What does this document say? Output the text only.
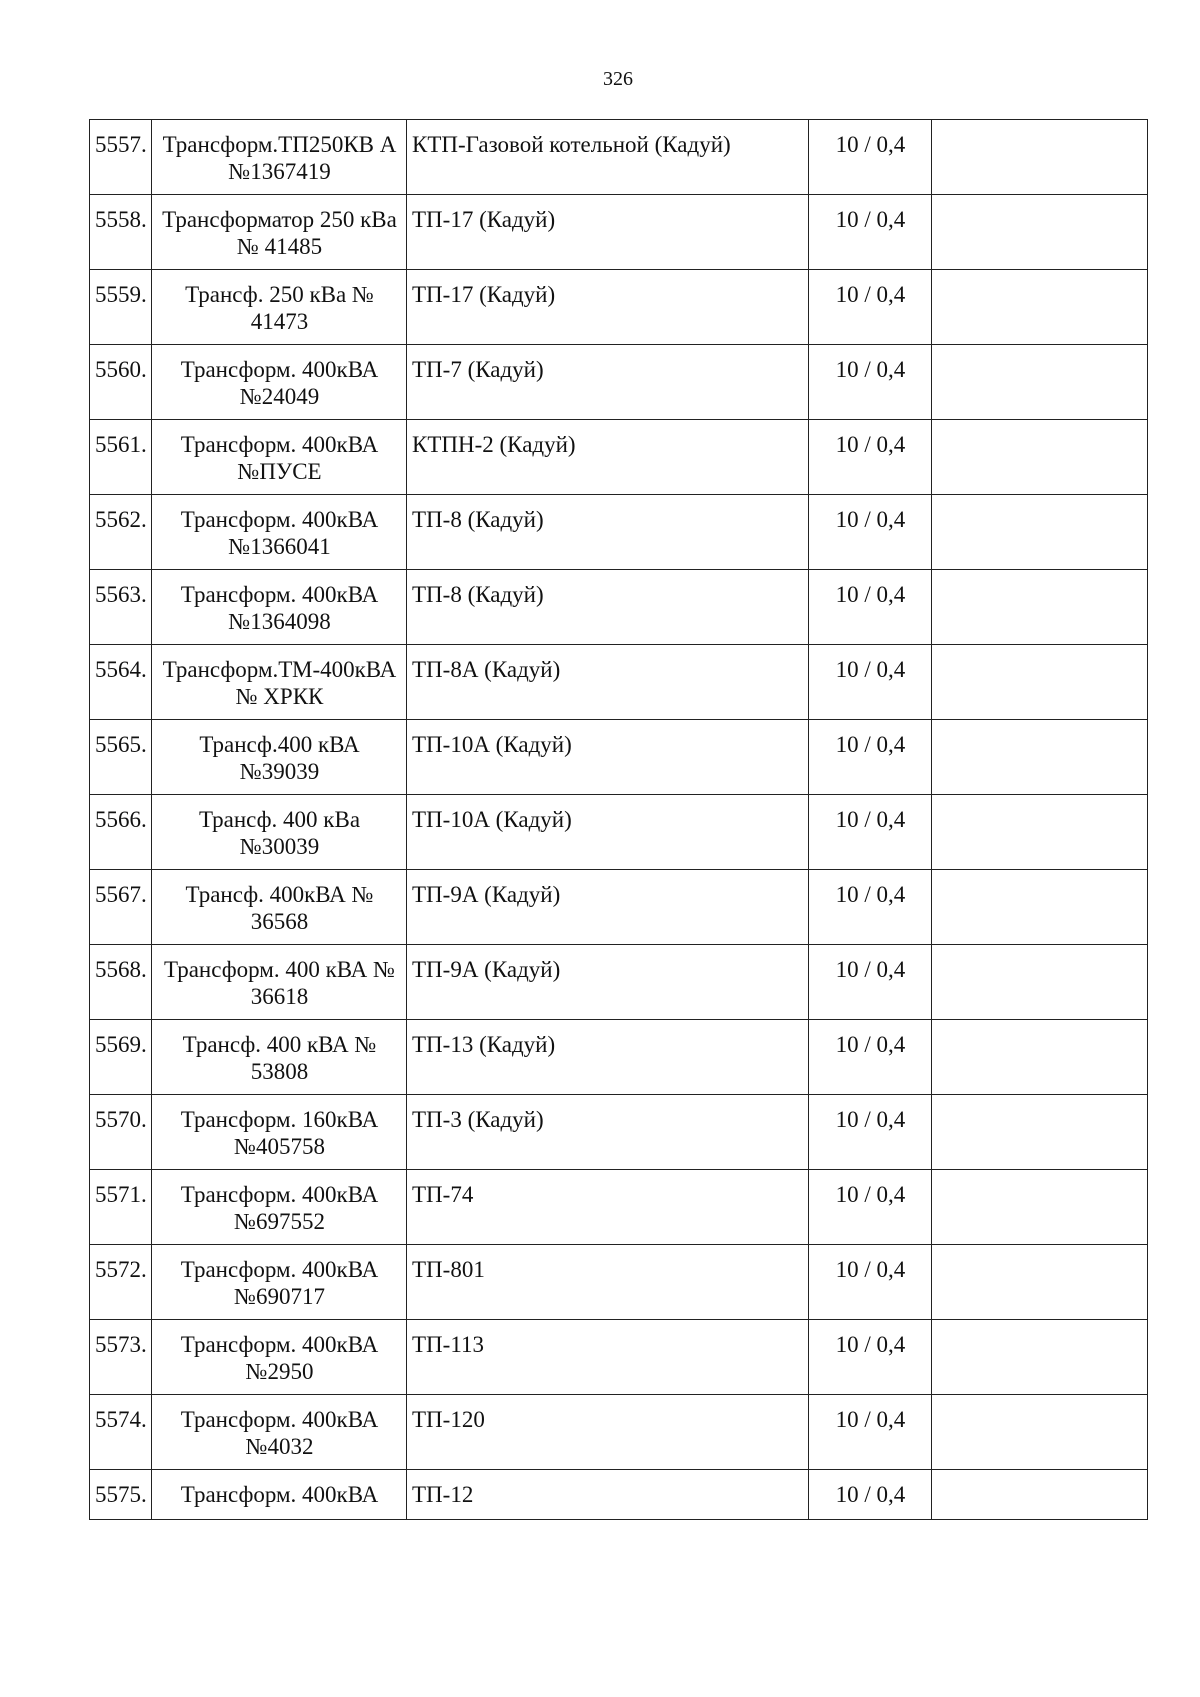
326
5557.	Трансформ.ТП250КВ А №1367419	КТП-Газовой котельной (Кадуй)	10 / 0,4	
5558.	Трансформатор 250 кВа № 41485	ТП-17 (Кадуй)	10 / 0,4	
5559.	Трансф. 250 кВа № 41473	ТП-17 (Кадуй)	10 / 0,4	
5560.	Трансформ. 400кВА №24049	ТП-7 (Кадуй)	10 / 0,4	
5561.	Трансформ. 400кВА №ПУСЕ	КТПН-2 (Кадуй)	10 / 0,4	
5562.	Трансформ. 400кВА №1366041	ТП-8 (Кадуй)	10 / 0,4	
5563.	Трансформ. 400кВА №1364098	ТП-8 (Кадуй)	10 / 0,4	
5564.	Трансформ.ТМ-400кВА № ХРКК	ТП-8А (Кадуй)	10 / 0,4	
5565.	Трансф.400 кВА №39039	ТП-10А (Кадуй)	10 / 0,4	
5566.	Трансф. 400 кВа №30039	ТП-10А (Кадуй)	10 / 0,4	
5567.	Трансф. 400кВА № 36568	ТП-9А (Кадуй)	10 / 0,4	
5568.	Трансформ. 400 кВА № 36618	ТП-9А (Кадуй)	10 / 0,4	
5569.	Трансф. 400 кВА № 53808	ТП-13 (Кадуй)	10 / 0,4	
5570.	Трансформ. 160кВА №405758	ТП-3 (Кадуй)	10 / 0,4	
5571.	Трансформ. 400кВА №697552	ТП-74	10 / 0,4	
5572.	Трансформ. 400кВА №690717	ТП-801	10 / 0,4	
5573.	Трансформ. 400кВА №2950	ТП-113	10 / 0,4	
5574.	Трансформ. 400кВА №4032	ТП-120	10 / 0,4	
5575.	Трансформ. 400кВА	ТП-12	10 / 0,4	
